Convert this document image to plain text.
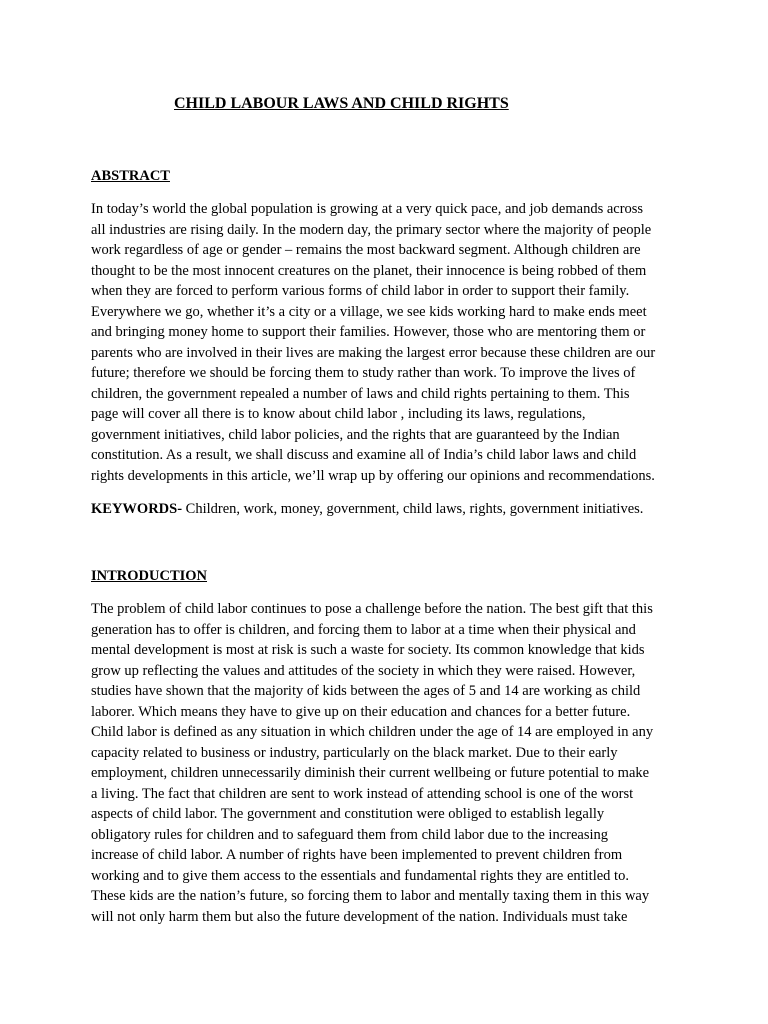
CHILD LABOUR LAWS AND CHILD RIGHTS
ABSTRACT

In today’s world the global population is growing at a very quick pace, and job demands across
all industries are rising daily. In the modern day, the primary sector where the majority of people
work regardless of age or gender – remains the most backward segment. Although children are
thought to be the most innocent creatures on the planet, their innocence is being robbed of them
when they are forced to perform various forms of child labor in order to support their family.
Everywhere we go, whether it’s a city or a village, we see kids working hard to make ends meet
and bringing money home to support their families. However, those who are mentoring them or
parents who are involved in their lives are making the largest error because these children are our
future; therefore we should be forcing them to study rather than work. To improve the lives of
children, the government repealed a number of laws and child rights pertaining to them. This
page will cover all there is to know about child labor , including its laws, regulations,
government initiatives, child labor policies, and the rights that are guaranteed by the Indian
constitution. As a result, we shall discuss and examine all of India’s child labor laws and child
rights developments in this article, we’ll wrap up by offering our opinions and recommendations.

KEYWORDS- Children, work, money, government, child laws, rights, government initiatives.

INTRODUCTION

The problem of child labor continues to pose a challenge before the nation. The best gift that this
generation has to offer is children, and forcing them to labor at a time when their physical and
mental development is most at risk is such a waste for society. Its common knowledge that kids
grow up reflecting the values and attitudes of the society in which they were raised. However,
studies have shown that the majority of kids between the ages of 5 and 14 are working as child
laborer. Which means they have to give up on their education and chances for a better future.
Child labor is defined as any situation in which children under the age of 14 are employed in any
capacity related to business or industry, particularly on the black market. Due to their early
employment, children unnecessarily diminish their current wellbeing or future potential to make
a living. The fact that children are sent to work instead of attending school is one of the worst
aspects of child labor. The government and constitution were obliged to establish legally
obligatory rules for children and to safeguard them from child labor due to the increasing
increase of child labor. A number of rights have been implemented to prevent children from
working and to give them access to the essentials and fundamental rights they are entitled to.
These kids are the nation’s future, so forcing them to labor and mentally taxing them in this way
will not only harm them but also the future development of the nation. Individuals must take
